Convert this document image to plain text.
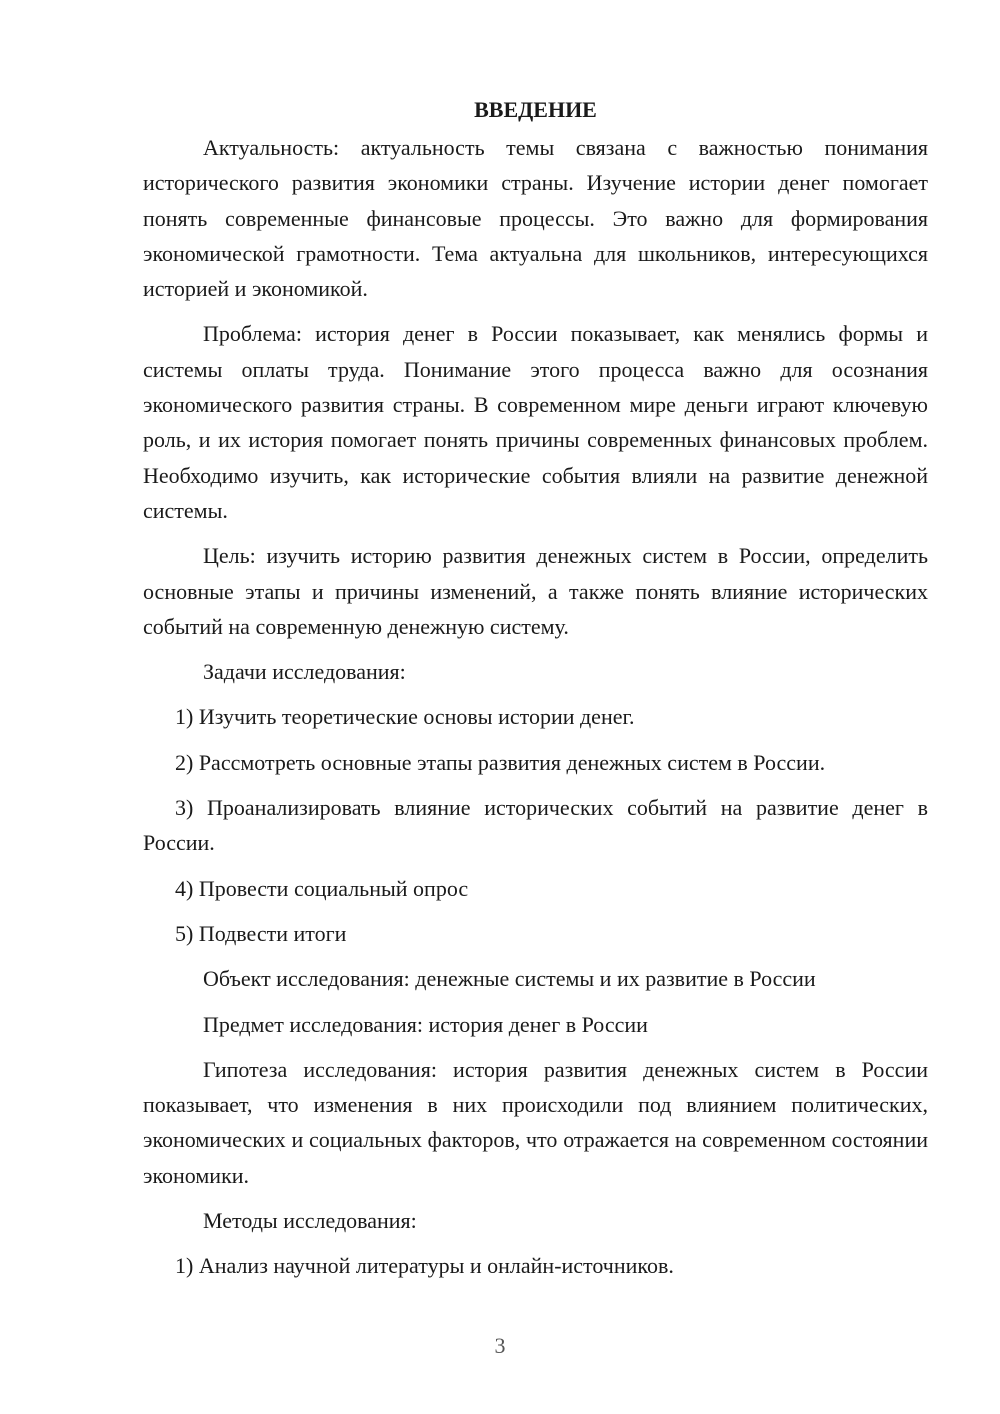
ВВЕДЕНИЕ

Актуальность: актуальность темы связана с важностью понимания исторического развития экономики страны. Изучение истории денег помогает понять современные финансовые процессы. Это важно для формирования экономической грамотности. Тема актуальна для школьников, интересующихся историей и экономикой.

Проблема: история денег в России показывает, как менялись формы и системы оплаты труда. Понимание этого процесса важно для осознания экономического развития страны. В современном мире деньги играют ключевую роль, и их история помогает понять причины современных финансовых проблем. Необходимо изучить, как исторические события влияли на развитие денежной системы.

Цель: изучить историю развития денежных систем в России, определить основные этапы и причины изменений, а также понять влияние исторических событий на современную денежную систему.

Задачи исследования:

1) Изучить теоретические основы истории денег.

2) Рассмотреть основные этапы развития денежных систем в России.

3) Проанализировать влияние исторических событий на развитие денег в России.

4) Провести социальный опрос

5) Подвести итоги

Объект исследования: денежные системы и их развитие в России

Предмет исследования: история денег в России

Гипотеза исследования: история развития денежных систем в России показывает, что изменения в них происходили под влиянием политических, экономических и социальных факторов, что отражается на современном состоянии экономики.

Методы исследования:

1) Анализ научной литературы и онлайн-источников.

3
